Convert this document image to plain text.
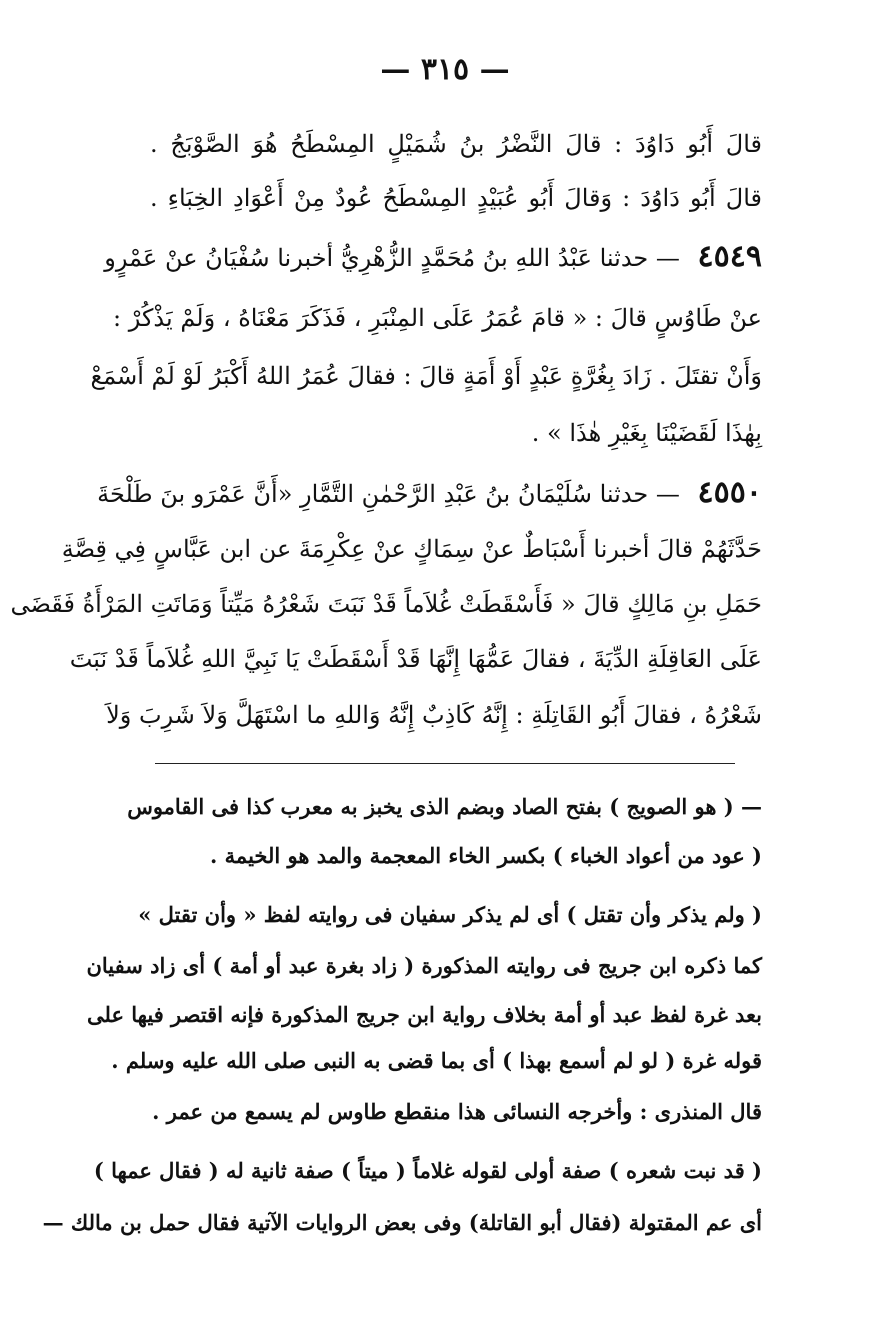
— ٣١٥ —
قالَ أَبُو دَاوُدَ : قالَ النَّضْرُ بنُ شُمَيْلٍ المِسْطَحُ هُوَ الصَّوْبَجُ .
قالَ أَبُو دَاوُدَ : وَقالَ أَبُو عُبَيْدٍ المِسْطَحُ عُودٌ مِنْ أَعْوَادِ الخِبَاءِ .
٤٥٤٩ — حدثنا عَبْدُ اللهِ بنُ مُحَمَّدٍ الزُّهْرِيُّ أخبرنا سُفْيَانُ عنْ عَمْرٍو
عنْ طَاوُسٍ قالَ : « قامَ عُمَرُ عَلَى المِنْبَرِ ، فَذَكَرَ مَعْنَاهُ ، وَلَمْ يَذْكُرْ :
وَأَنْ تقتَلَ . زَادَ بِغُرَّةٍ عَبْدٍ أَوْ أَمَةٍ قالَ : فقالَ عُمَرُ اللهُ أَكْبَرُ لَوْ لَمْ أَسْمَعْ
بِهٰذَا لَقَضَيْنَا بِغَيْرِ هٰذَا » .
٤٥٥٠ — حدثنا سُلَيْمَانُ بنُ عَبْدِ الرَّحْمٰنِ التَّمَّارِ «أَنَّ عَمْرَو بنَ طَلْحَةَ
حَدَّثَهُمْ قالَ أخبرنا أَسْبَاطٌ عنْ سِمَاكٍ عنْ عِكْرِمَةَ عن ابن عَبَّاسٍ فِي قِصَّةِ
حَمَلِ بنِ مَالِكٍ قالَ « فَأَسْقَطَتْ غُلاَماً قَدْ نَبَتَ شَعْرُهُ مَيِّتاً وَمَاتَتِ المَرْأَةُ فَقَضَى
عَلَى العَاقِلَةِ الدِّيَةَ ، فقالَ عَمُّهَا إِنَّهَا قَدْ أَسْقَطَتْ يَا نَبِيَّ اللهِ غُلاَماً قَدْ نَبَتَ
شَعْرُهُ ، فقالَ أَبُو القَاتِلَةِ : إِنَّهُ كَاذِبٌ إِنَّهُ وَاللهِ ما اسْتَهَلَّ وَلاَ شَرِبَ وَلاَ
— ( هو الصويج ) بفتح الصاد وبضم الذى يخبز به معرب كذا فى القاموس
( عود من أعواد الخباء ) بكسر الخاء المعجمة والمد هو الخيمة .
( ولم يذكر وأن تقتل ) أى لم يذكر سفيان فى روايته لفظ « وأن تقتل »
كما ذكره ابن جريج فى روايته المذكورة ( زاد بغرة عبد أو أمة ) أى زاد سفيان
بعد غرة لفظ عبد أو أمة بخلاف رواية ابن جريج المذكورة فإنه اقتصر فيها على
قوله غرة ( لو لم أسمع بهذا ) أى بما قضى به النبى صلى الله عليه وسلم .
قال المنذرى : وأخرجه النسائى هذا منقطع طاوس لم يسمع من عمر .
( قد نبت شعره ) صفة أولى لقوله غلاماً ( ميتاً ) صفة ثانية له ( فقال عمها )
أى عم المقتولة (فقال أبو القاتلة) وفى بعض الروايات الآتية فقال حمل بن مالك —
